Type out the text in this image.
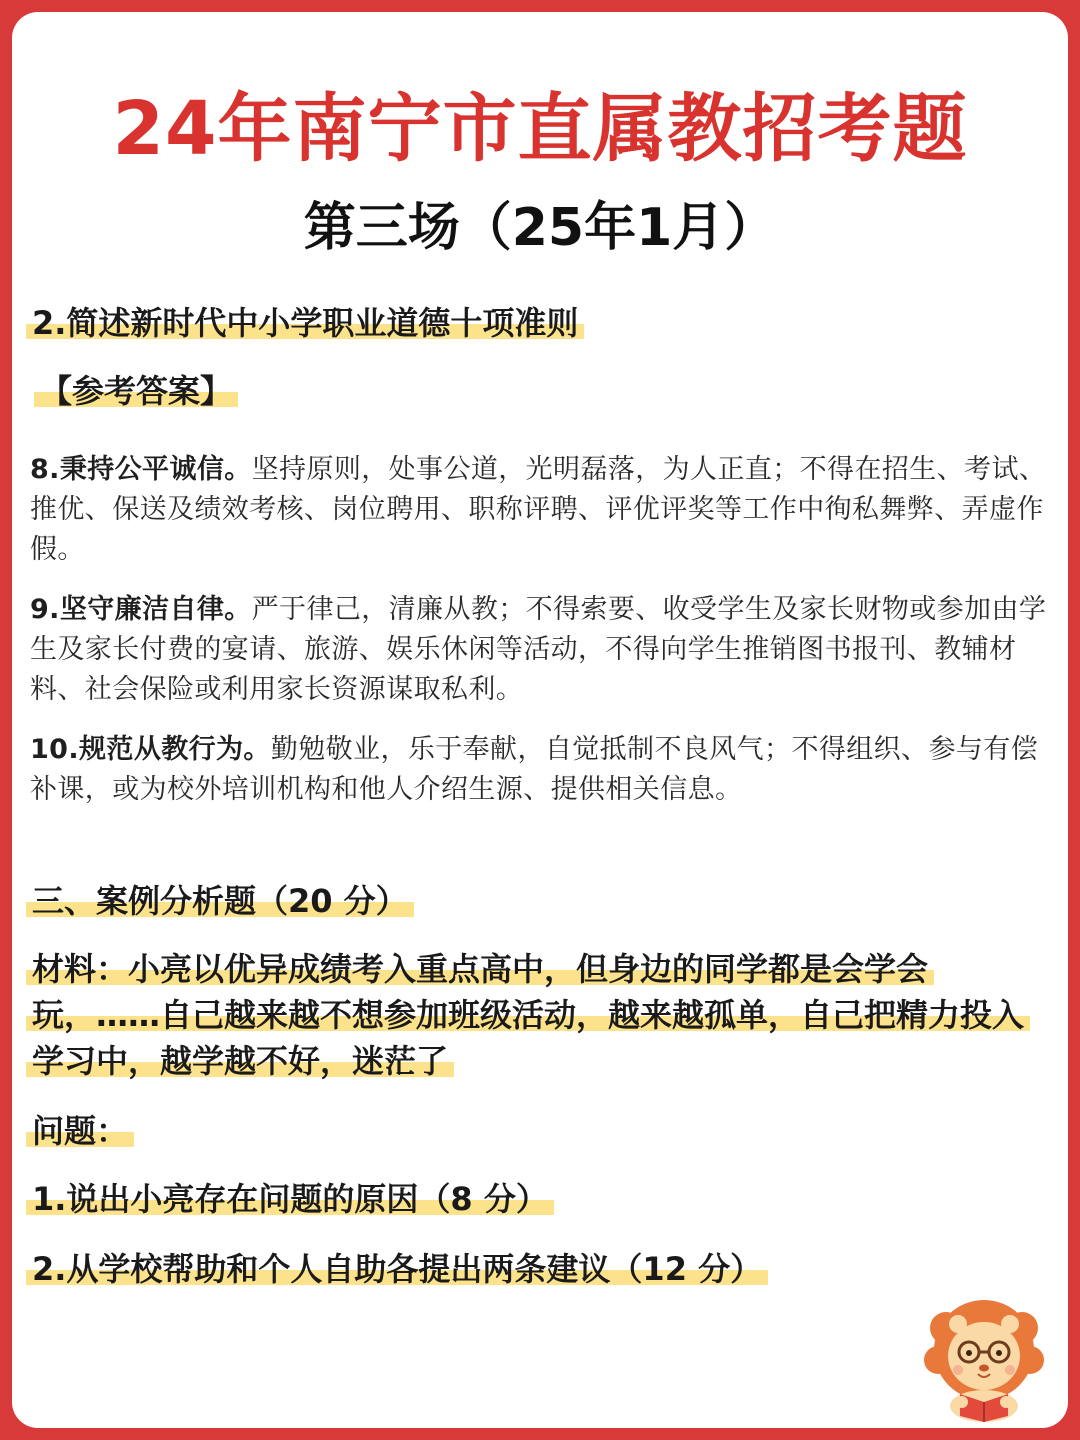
24年南宁市直属教招考题
第三场（25年1月）
2.简述新时代中小学职业道德十项准则
【参考答案】
8.秉持公平诚信。坚持原则，处事公道，光明磊落，为人正直；不得在招生、考试、推优、保送及绩效考核、岗位聘用、职称评聘、评优评奖等工作中徇私舞弊、弄虚作假。
9.坚守廉洁自律。严于律己，清廉从教；不得索要、收受学生及家长财物或参加由学生及家长付费的宴请、旅游、娱乐休闲等活动，不得向学生推销图书报刊、教辅材料、社会保险或利用家长资源谋取私利。
10.规范从教行为。勤勉敬业，乐于奉献，自觉抵制不良风气；不得组织、参与有偿补课，或为校外培训机构和他人介绍生源、提供相关信息。
三、案例分析题（20 分）
材料：小亮以优异成绩考入重点高中，但身边的同学都是会学会玩，……自己越来越不想参加班级活动，越来越孤单，自己把精力投入学习中，越学越不好，迷茫了
问题：
1.说出小亮存在问题的原因（8 分）
2.从学校帮助和个人自助各提出两条建议（12 分）
